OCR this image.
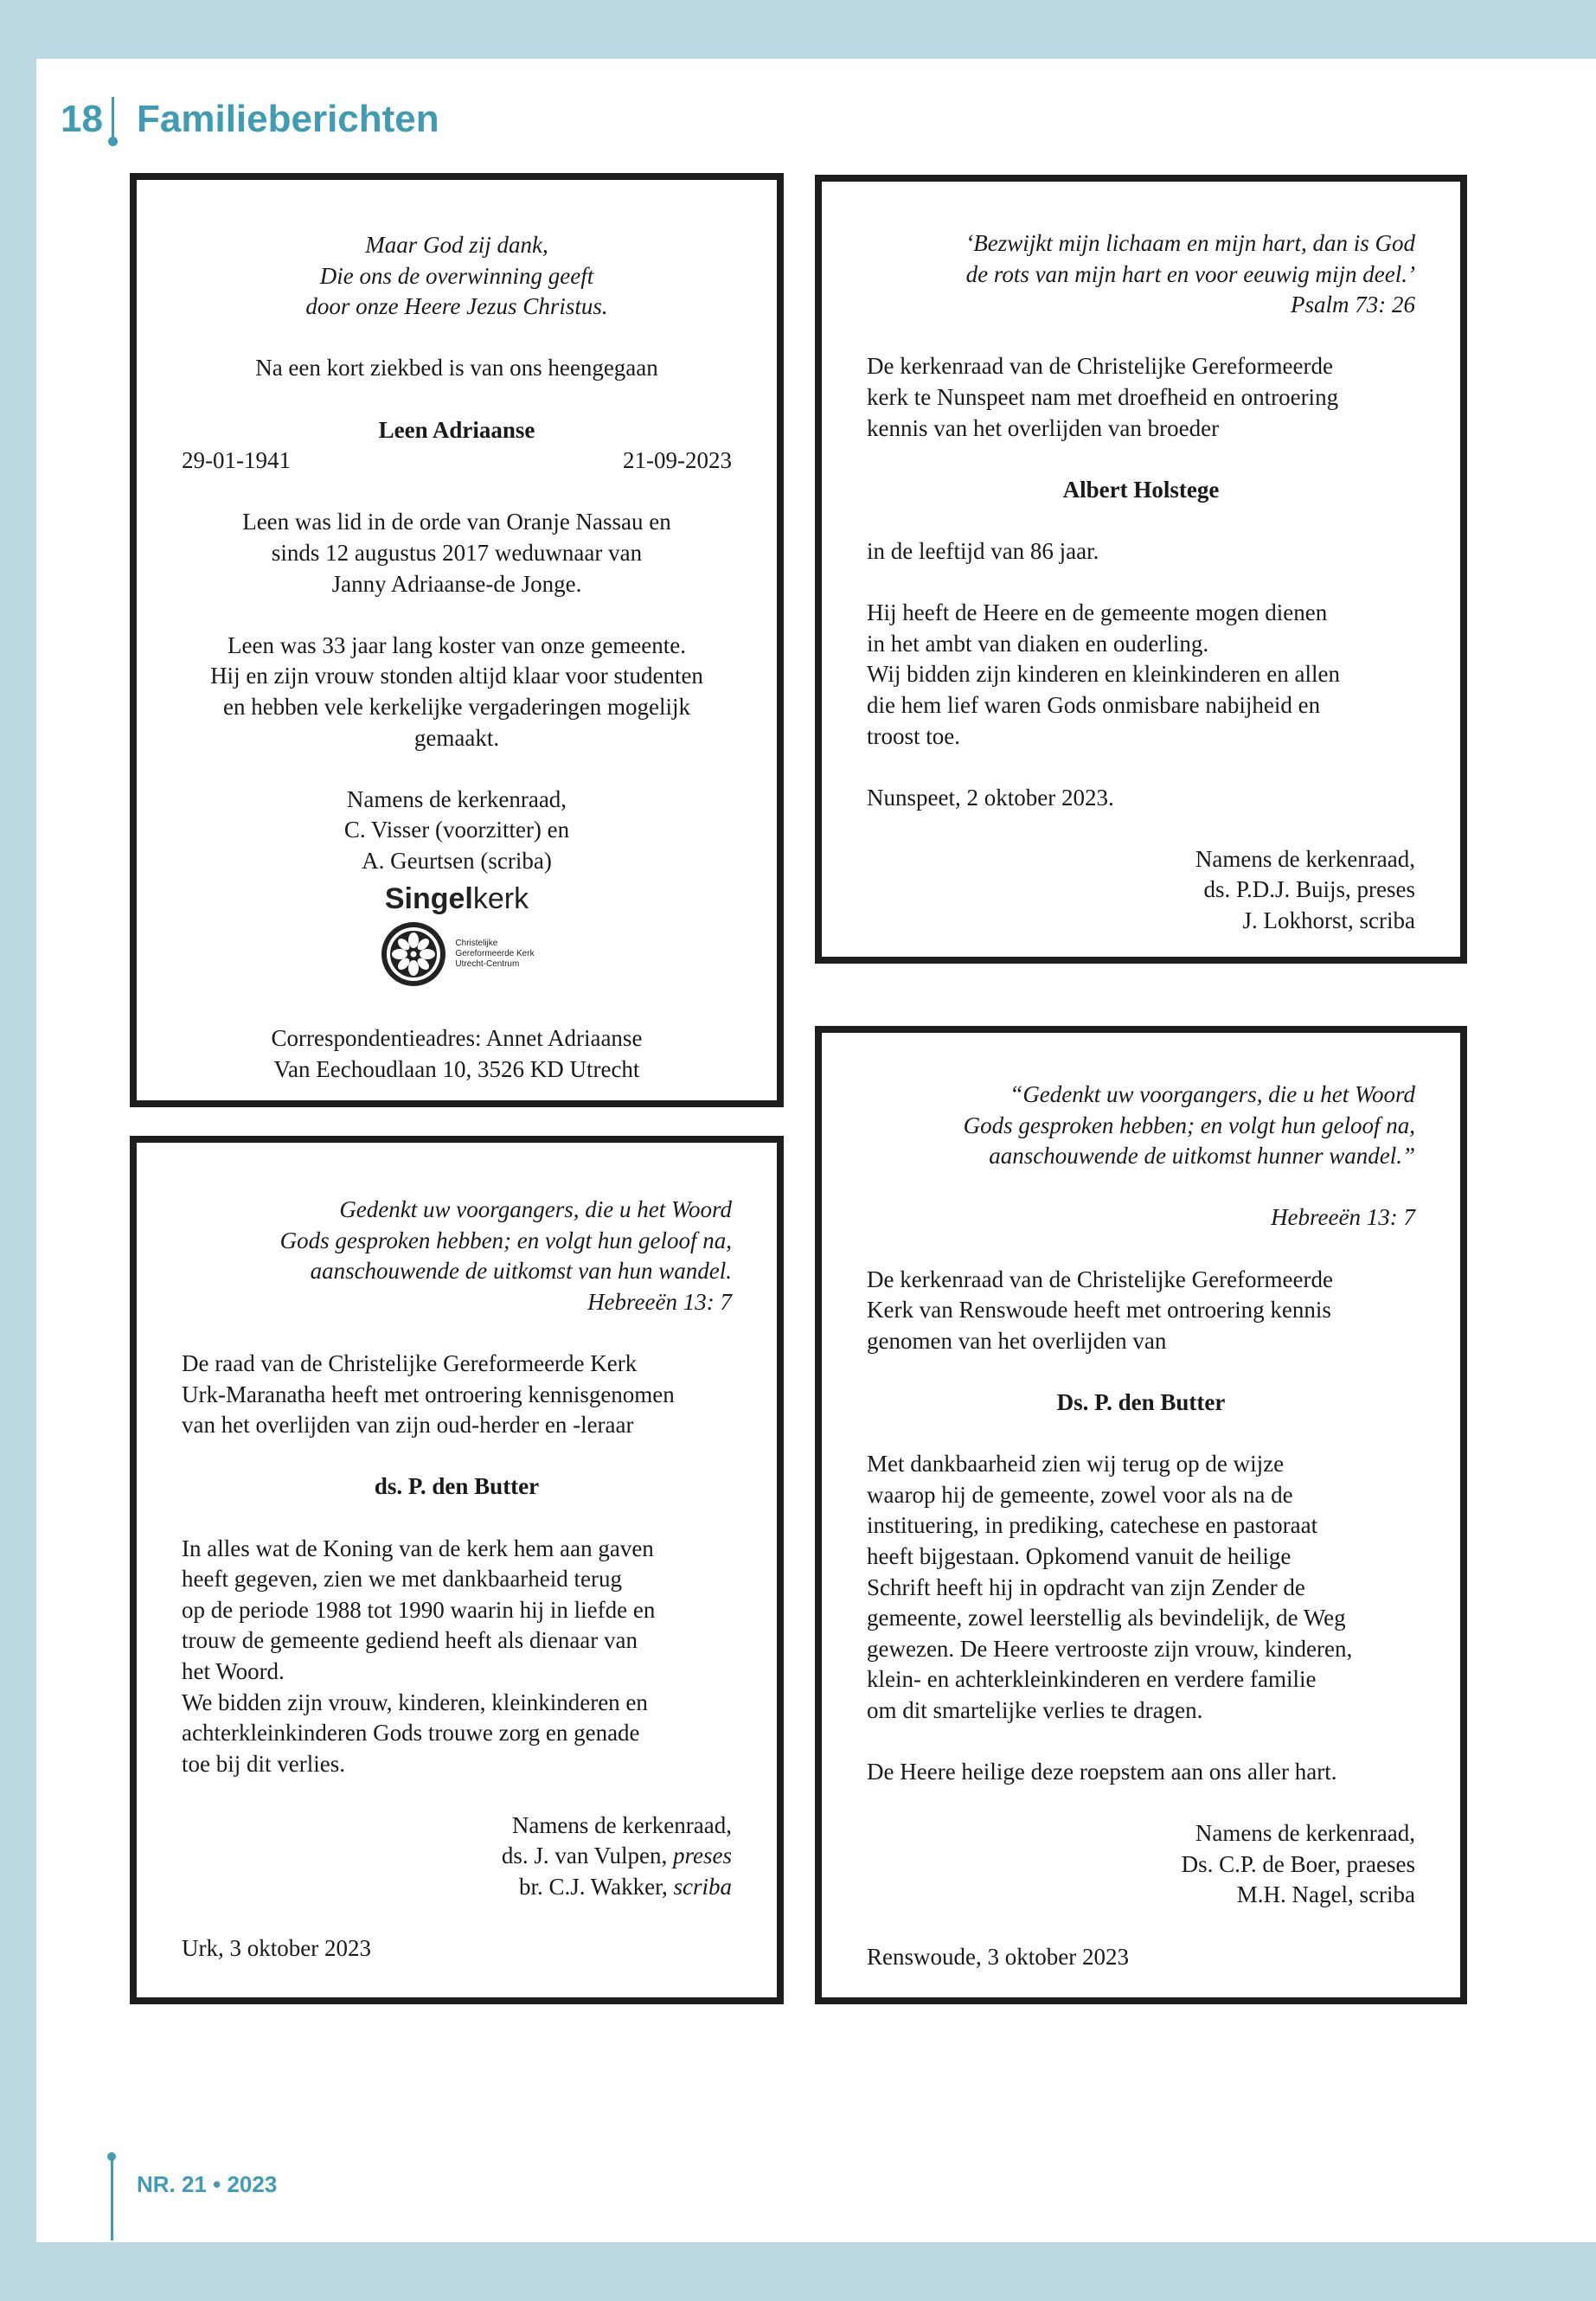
18 Familieberichten

Maar God zij dank,

Die ons de overwinning geeft

door onze Heere Jezus Christus.

Na een kort ziekbed is van ons heengegaan

Leen Adriaanse

29-01-1941	21-09-2023

Leen was lid in de orde van Oranje Nassau en

sinds 12 augustus 2017 weduwnaar van

Janny Adriaanse-de Jonge.

Leen was 33 jaar lang koster van onze gemeente.

Hij en zijn vrouw stonden altijd klaar voor studenten

en hebben vele kerkelijke vergaderingen mogelijk

gemaakt.

Namens de kerkenraad,

C. Visser (voorzitter) en

A. Geurtsen (scriba)

Singelkerk
Christelijke
Gereformeerde Kerk
Utrecht-Centrum

Correspondentieadres: Annet Adriaanse

Van Eechoudlaan 10, 3526 KD Utrecht

‘Bezwijkt mijn lichaam en mijn hart, dan is God

de rots van mijn hart en voor eeuwig mijn deel.’

Psalm 73: 26

De kerkenraad van de Christelijke Gereformeerde

kerk te Nunspeet nam met droefheid en ontroering

kennis van het overlijden van broeder

Albert Holstege

in de leeftijd van 86 jaar.

Hij heeft de Heere en de gemeente mogen dienen

in het ambt van diaken en ouderling.

Wij bidden zijn kinderen en kleinkinderen en allen

die hem lief waren Gods onmisbare nabijheid en

troost toe.

Nunspeet, 2 oktober 2023.

Namens de kerkenraad,

ds. P.D.J. Buijs, preses

J. Lokhorst, scriba

Gedenkt uw voorgangers, die u het Woord

Gods gesproken hebben; en volgt hun geloof na,

aanschouwende de uitkomst van hun wandel.

Hebreeën 13: 7

De raad van de Christelijke Gereformeerde Kerk

Urk-Maranatha heeft met ontroering kennisgenomen

van het overlijden van zijn oud-herder en -leraar

ds. P. den Butter

In alles wat de Koning van de kerk hem aan gaven

heeft gegeven, zien we met dankbaarheid terug

op de periode 1988 tot 1990 waarin hij in liefde en

trouw de gemeente gediend heeft als dienaar van

het Woord.

We bidden zijn vrouw, kinderen, kleinkinderen en

achterkleinkinderen Gods trouwe zorg en genade

toe bij dit verlies.

Namens de kerkenraad,

ds. J. van Vulpen, preses

br. C.J. Wakker, scriba

Urk, 3 oktober 2023

“Gedenkt uw voorgangers, die u het Woord

Gods gesproken hebben; en volgt hun geloof na,

aanschouwende de uitkomst hunner wandel.”

Hebreeën 13: 7

De kerkenraad van de Christelijke Gereformeerde

Kerk van Renswoude heeft met ontroering kennis

genomen van het overlijden van

Ds. P. den Butter

Met dankbaarheid zien wij terug op de wijze

waarop hij de gemeente, zowel voor als na de

instituering, in prediking, catechese en pastoraat

heeft bijgestaan. Opkomend vanuit de heilige

Schrift heeft hij in opdracht van zijn Zender de

gemeente, zowel leerstellig als bevindelijk, de Weg

gewezen. De Heere vertrooste zijn vrouw, kinderen,

klein- en achterkleinkinderen en verdere familie

om dit smartelijke verlies te dragen.

De Heere heilige deze roepstem aan ons aller hart.

Namens de kerkenraad,

Ds. C.P. de Boer, praeses

M.H. Nagel, scriba

Renswoude, 3 oktober 2023

NR. 21 • 2023
